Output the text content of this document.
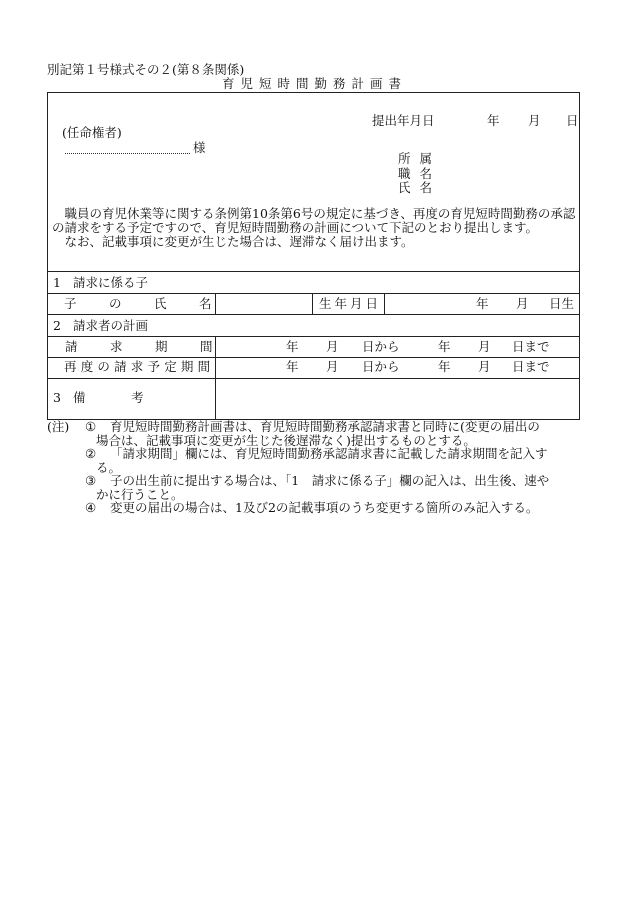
別記第１号様式その２(第８条関係)
育児短時間勤務計画書
提出年月日	年 月 日
(任命権者)
様
所属
職名
氏名
職員の育児休業等に関する条例第10条第6号の規定に基づき、再度の育児短時間勤務の承認
の請求をする予定ですので、育児短時間勤務の計画について下記のとおり提出します。
なお、記載事項に変更が生じた場合は、遅滞なく届け出ます。
1 請求に係る子
子の氏名	生年月日	年 月 日生
2 請求者の計画
請求期間	年 月 日から	年 月 日まで
再度の請求予定期間	年 月 日から	年 月 日まで
3 備考
(注) ① 育児短時間勤務計画書は、育児短時間勤務承認請求書と同時に(変更の届出の
場合は、記載事項に変更が生じた後遅滞なく)提出するものとする。
② 「請求期間」欄には、育児短時間勤務承認請求書に記載した請求期間を記入す
る。
③ 子の出生前に提出する場合は、「1　請求に係る子」欄の記入は、出生後、速や
かに行うこと。
④ 変更の届出の場合は、1及び2の記載事項のうち変更する箇所のみ記入する。
